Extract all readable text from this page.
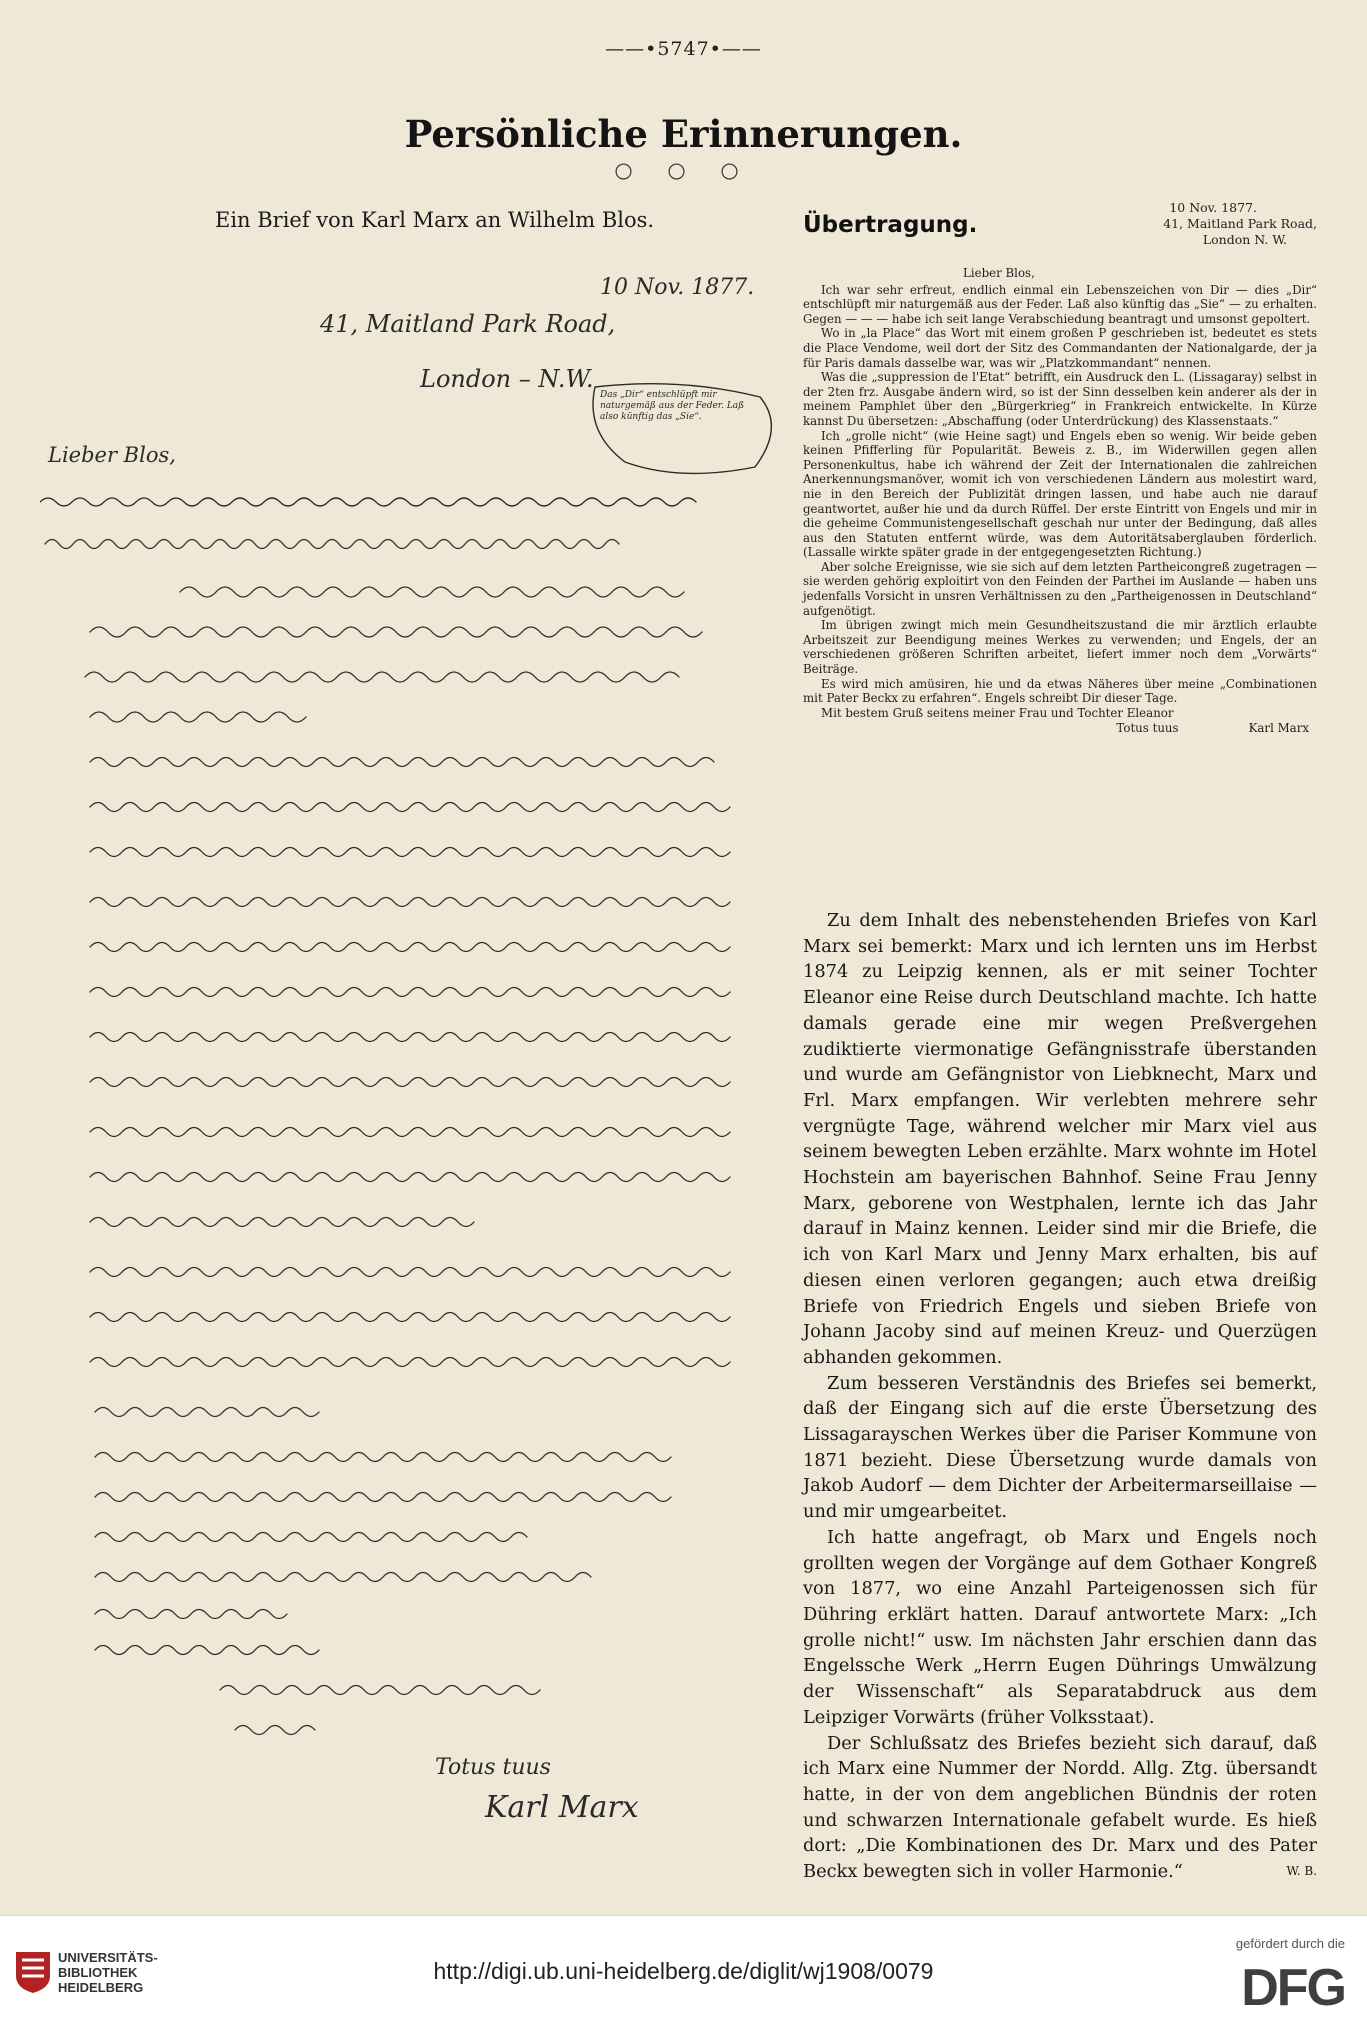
——•5747•——
Persönliche Erinnerungen.
○ ○ ○
Ein Brief von Karl Marx an Wilhelm Blos.
10 Nov. 1877.
41, Maitland Park Road,
London – N.W.
Das „Dir“ entschlüpft mir naturgemäß aus der Feder. Laß also künftig das „Sie“.
Lieber Blos,
Totus tuus
Karl Marx
Übertragung.
10 Nov. 1877.
41, Maitland Park Road,
London N. W.

Lieber Blos,

Ich war sehr erfreut, endlich einmal ein Lebenszeichen von Dir — dies „Dir“ entschlüpft mir naturgemäß aus der Feder. Laß also künftig das „Sie“ — zu erhalten. Gegen — — — habe ich seit lange Verabschiedung beantragt und umsonst gepoltert.

Wo in „la Place“ das Wort mit einem großen P geschrieben ist, bedeutet es stets die Place Vendome, weil dort der Sitz des Commandanten der Nationalgarde, der ja für Paris damals dasselbe war, was wir „Platzkommandant“ nennen.

Was die „suppression de l'Etat“ betrifft, ein Ausdruck den L. (Lissagaray) selbst in der 2ten frz. Ausgabe ändern wird, so ist der Sinn desselben kein anderer als der in meinem Pamphlet über den „Bürgerkrieg“ in Frankreich entwickelte. In Kürze kannst Du übersetzen: „Abschaffung (oder Unterdrückung) des Klassenstaats.“

Ich „grolle nicht“ (wie Heine sagt) und Engels eben so wenig. Wir beide geben keinen Pfifferling für Popularität. Beweis z. B., im Widerwillen gegen allen Personenkultus, habe ich während der Zeit der Internationalen die zahlreichen Anerkennungsmanöver, womit ich von verschiedenen Ländern aus molestirt ward, nie in den Bereich der Publizität dringen lassen, und habe auch nie darauf geantwortet, außer hie und da durch Rüffel. Der erste Eintritt von Engels und mir in die geheime Communistengesellschaft geschah nur unter der Bedingung, daß alles aus den Statuten entfernt würde, was dem Autoritätsaberglauben förderlich. (Lassalle wirkte später grade in der entgegengesetzten Richtung.)

Aber solche Ereignisse, wie sie sich auf dem letzten Partheicongreß zugetragen — sie werden gehörig exploitirt von den Feinden der Parthei im Auslande — haben uns jedenfalls Vorsicht in unsren Verhältnissen zu den „Partheigenossen in Deutschland“ aufgenötigt.

Im übrigen zwingt mich mein Gesundheitszustand die mir ärztlich erlaubte Arbeitszeit zur Beendigung meines Werkes zu verwenden; und Engels, der an verschiedenen größeren Schriften arbeitet, liefert immer noch dem „Vorwärts“ Beiträge.

Es wird mich amüsiren, hie und da etwas Näheres über meine „Combinationen mit Pater Beckx zu erfahren“. Engels schreibt Dir dieser Tage.

Mit bestem Gruß seitens meiner Frau und Tochter Eleanor

Totus tuus	Karl Marx

Zu dem Inhalt des nebenstehenden Briefes von Karl Marx sei bemerkt: Marx und ich lernten uns im Herbst 1874 zu Leipzig kennen, als er mit seiner Tochter Eleanor eine Reise durch Deutschland machte. Ich hatte damals gerade eine mir wegen Preßvergehen zudiktierte viermonatige Gefängnisstrafe überstanden und wurde am Gefängnistor von Liebknecht, Marx und Frl. Marx empfangen. Wir verlebten mehrere sehr vergnügte Tage, während welcher mir Marx viel aus seinem bewegten Leben erzählte. Marx wohnte im Hotel Hochstein am bayerischen Bahnhof. Seine Frau Jenny Marx, geborene von Westphalen, lernte ich das Jahr darauf in Mainz kennen. Leider sind mir die Briefe, die ich von Karl Marx und Jenny Marx erhalten, bis auf diesen einen verloren gegangen; auch etwa dreißig Briefe von Friedrich Engels und sieben Briefe von Johann Jacoby sind auf meinen Kreuz- und Querzügen abhanden gekommen.

Zum besseren Verständnis des Briefes sei bemerkt, daß der Eingang sich auf die erste Übersetzung des Lissagarayschen Werkes über die Pariser Kommune von 1871 bezieht. Diese Übersetzung wurde damals von Jakob Audorf — dem Dichter der Arbeitermarseillaise — und mir umgearbeitet.

Ich hatte angefragt, ob Marx und Engels noch grollten wegen der Vorgänge auf dem Gothaer Kongreß von 1877, wo eine Anzahl Parteigenossen sich für Dühring erklärt hatten. Darauf antwortete Marx: „Ich grolle nicht!“ usw. Im nächsten Jahr erschien dann das Engelssche Werk „Herrn Eugen Dührings Umwälzung der Wissenschaft“ als Separatabdruck aus dem Leipziger Vorwärts (früher Volksstaat).

Der Schlußsatz des Briefes bezieht sich darauf, daß ich Marx eine Nummer der Nordd. Allg. Ztg. übersandt hatte, in der von dem angeblichen Bündnis der roten und schwarzen Internationale gefabelt wurde. Es hieß dort: „Die Kombinationen des Dr. Marx und des Pater Beckx bewegten sich in voller Harmonie.“	W. B.

UNIVERSITÄTS-
BIBLIOTHEK
HEIDELBERG
http://digi.ub.uni-heidelberg.de/diglit/wj1908/0079
gefördert durch die
DFG
